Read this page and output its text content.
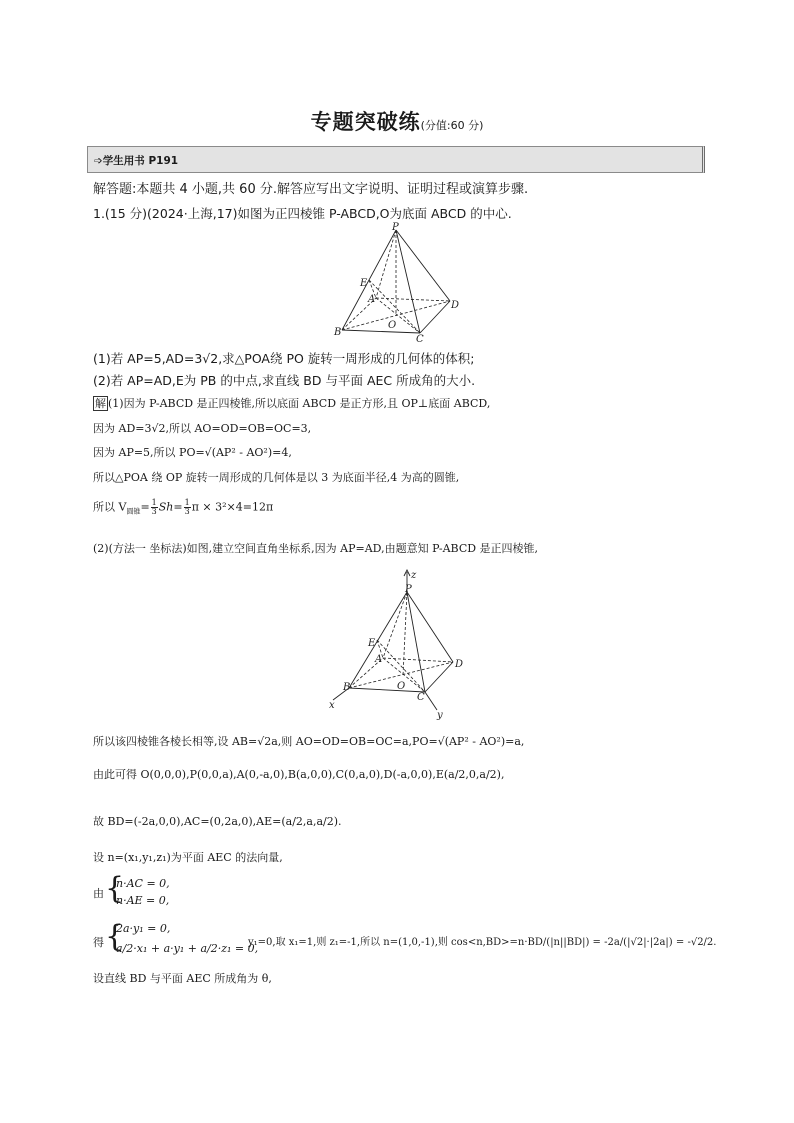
专题突破练(分值:60 分)
➩学生用书 P191
解答题:本题共 4 小题,共 60 分.解答应写出文字说明、证明过程或演算步骤.
1.(15 分)(2024·上海,17)如图为正四棱锥 P-ABCD,O为底面 ABCD 的中心.
P
E
A
D
O
B
C
(1)若 AP=5,AD=3√2,求△POA绕 PO 旋转一周形成的几何体的体积;
(2)若 AP=AD,E为 PB 的中点,求直线 BD 与平面 AEC 所成角的大小.
解 (1)因为 P-ABCD 是正四棱锥,所以底面 ABCD 是正方形,且 OP⊥底面 ABCD,
因为 AD=3√2,所以 AO=OD=OB=OC=3,
因为 AP=5,所以 PO=√(AP² - AO²)=4,
所以△POA 绕 OP 旋转一周形成的几何体是以 3 为底面半径,4 为高的圆锥,
所以 $V_{圆锥}= \frac{1}{3} Sh= \frac{1}{3}$ π × 3²×4=12π
(2)(方法一 坐标法)如图,建立空间直角坐标系,因为 AP=AD,由题意知 P-ABCD 是正四棱锥,
z
P
E
A	D
O
B
C
x
y
所以该四棱锥各棱长相等,设 AB=√2a,则 AO=OD=OB=OC=a,PO=√(AP² - AO²)=a,
由此可得 O(0,0,0),P(0,0,a),A(0,-a,0),B(a,0,0),C(0,a,0),D(-a,0,0),E(a/2,0,a/2),
故 BD=(-2a,0,0),AC=(0,2a,0),AE=(a/2,a,a/2).
设 n=(x₁,y₁,z₁)为平面 AEC 的法向量,
由 {
n·AC = 0,
n·AE = 0,
得 {
2a·y₁ = 0,
a/2·x₁ + a·y₁ + a/2·z₁ = 0,
y₁=0,取 x₁=1,则 z₁=-1,所以 n=(1,0,-1),则 cos<n,BD>=n·BD/(|n||BD|) = -2a/(|√2|·|2a|) = -√2/2.
设直线 BD 与平面 AEC 所成角为 θ,
